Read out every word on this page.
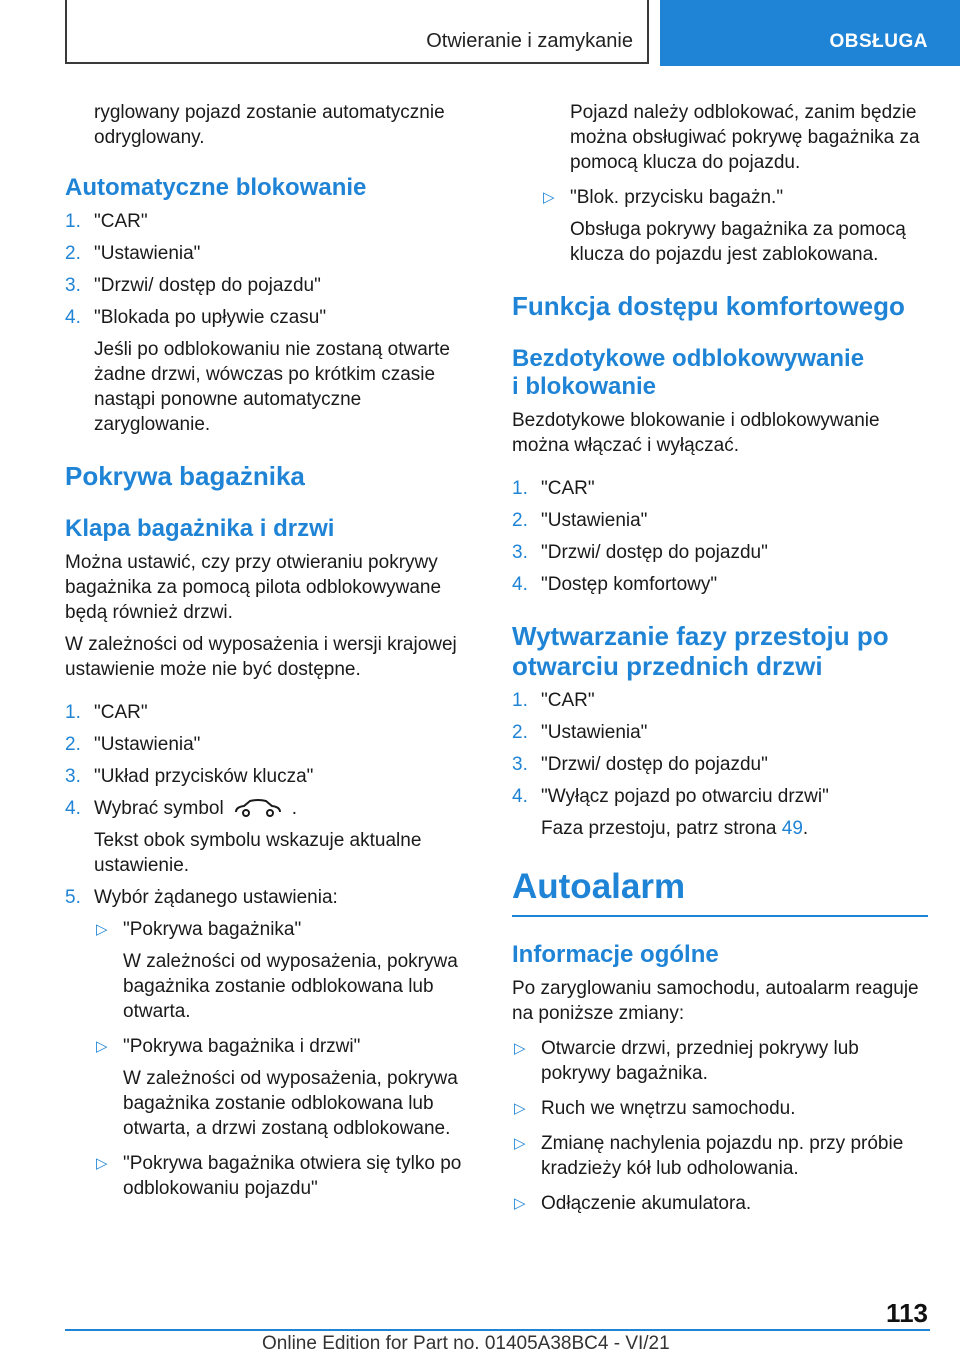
Otwieranie i zamykanie	OBSŁUGA

ryglowany pojazd zostanie automatycznie odryglowany.

Automatyczne blokowanie
1. "CAR"
2. "Ustawienia"
3. "Drzwi/ dostęp do pojazdu"
4. "Blokada po upływie czasu"

Jeśli po odblokowaniu nie zostaną otwarte żadne drzwi, wówczas po krótkim czasie nastąpi ponowne automatyczne zaryglowanie.

Pokrywa bagażnika
Klapa bagażnika i drzwi

Można ustawić, czy przy otwieraniu pokrywy bagażnika za pomocą pilota odblokowywane będą również drzwi.

W zależności od wyposażenia i wersji krajowej ustawienie może nie być dostępne.

1. "CAR"
2. "Ustawienia"
3. "Układ przycisków klucza"
4. Wybrać symbol	.

Tekst obok symbolu wskazuje aktualne ustawienie.

5. Wybór żądanego ustawienia:
▷ "Pokrywa bagażnika"

W zależności od wyposażenia, pokrywa bagażnika zostanie odblokowana lub otwarta.

▷ "Pokrywa bagażnika i drzwi"

W zależności od wyposażenia, pokrywa bagażnika zostanie odblokowana lub otwarta, a drzwi zostaną odblokowane.

▷ "Pokrywa bagażnika otwiera się tylko po odblokowaniu pojazdu"

Pojazd należy odblokować, zanim będzie można obsługiwać pokrywę bagażnika za pomocą klucza do pojazdu.

▷ "Blok. przycisku bagażn."

Obsługa pokrywy bagażnika za pomocą klucza do pojazdu jest zablokowana.

Funkcja dostępu komfortowego
Bezdotykowe odblokowywanie
i blokowanie

Bezdotykowe blokowanie i odblokowywanie można włączać i wyłączać.

1. "CAR"
2. "Ustawienia"
3. "Drzwi/ dostęp do pojazdu"
4. "Dostęp komfortowy"
Wytwarzanie fazy przestoju po
otwarciu przednich drzwi
1. "CAR"
2. "Ustawienia"
3. "Drzwi/ dostęp do pojazdu"
4. "Wyłącz pojazd po otwarciu drzwi"

Faza przestoju, patrz strona 49.

Autoalarm
Informacje ogólne

Po zaryglowaniu samochodu, autoalarm reaguje na poniższe zmiany:

▷ Otwarcie drzwi, przedniej pokrywy lub pokrywy bagażnika.
▷ Ruch we wnętrzu samochodu.
▷ Zmianę nachylenia pojazdu np. przy próbie kradzieży kół lub odholowania.
▷ Odłączenie akumulatora.
113
Online Edition for Part no. 01405A38BC4 - VI/21
